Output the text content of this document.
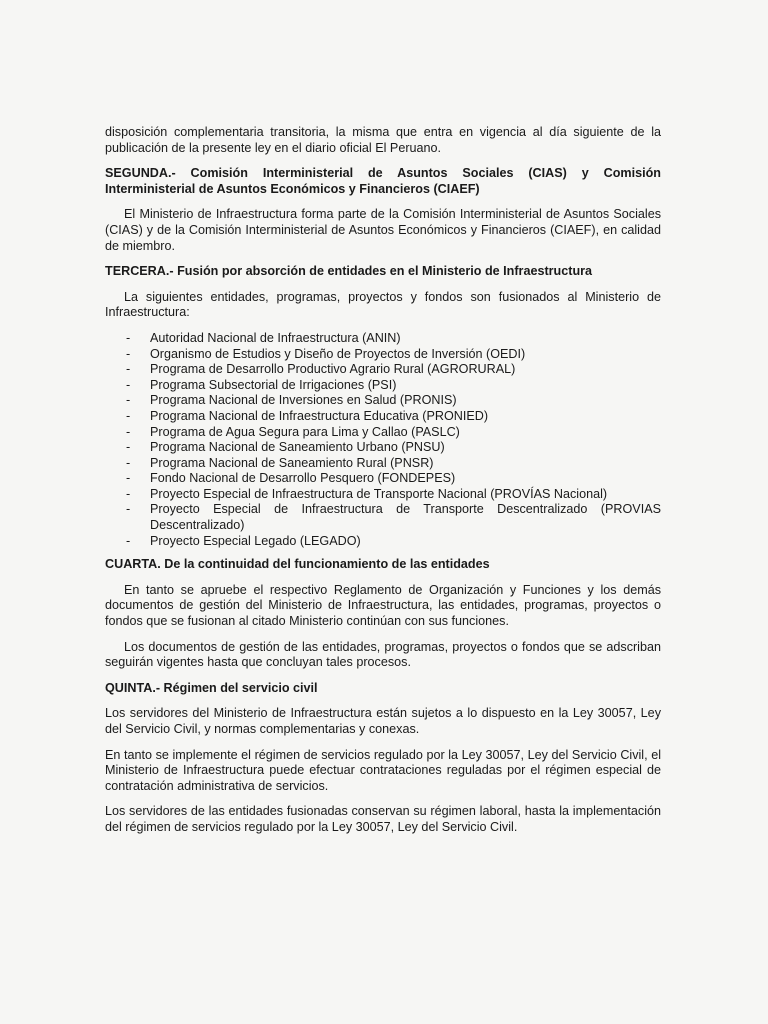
disposición complementaria transitoria, la misma que entra en vigencia al día siguiente de la publicación de la presente ley en el diario oficial El Peruano.

SEGUNDA.- Comisión Interministerial de Asuntos Sociales (CIAS) y Comisión Interministerial de Asuntos Económicos y Financieros (CIAEF)

El Ministerio de Infraestructura forma parte de la Comisión Interministerial de Asuntos Sociales (CIAS) y de la Comisión Interministerial de Asuntos Económicos y Financieros (CIAEF), en calidad de miembro.

TERCERA.- Fusión por absorción de entidades en el Ministerio de Infraestructura

La siguientes entidades, programas, proyectos y fondos son fusionados al Ministerio de Infraestructura:

- Autoridad Nacional de Infraestructura (ANIN)
- Organismo de Estudios y Diseño de Proyectos de Inversión (OEDI)
- Programa de Desarrollo Productivo Agrario Rural (AGRORURAL)
- Programa Subsectorial de Irrigaciones (PSI)
- Programa Nacional de Inversiones en Salud (PRONIS)
- Programa Nacional de Infraestructura Educativa (PRONIED)
- Programa de Agua Segura para Lima y Callao (PASLC)
- Programa Nacional de Saneamiento Urbano (PNSU)
- Programa Nacional de Saneamiento Rural (PNSR)
- Fondo Nacional de Desarrollo Pesquero (FONDEPES)
- Proyecto Especial de Infraestructura de Transporte Nacional (PROVÍAS Nacional)
- Proyecto Especial de Infraestructura de Transporte Descentralizado (PROVIAS Descentralizado)
- Proyecto Especial Legado (LEGADO)

CUARTA. De la continuidad del funcionamiento de las entidades

En tanto se apruebe el respectivo Reglamento de Organización y Funciones y los demás documentos de gestión del Ministerio de Infraestructura, las entidades, programas, proyectos o fondos que se fusionan al citado Ministerio continúan con sus funciones.

Los documentos de gestión de las entidades, programas, proyectos o fondos que se adscriban seguirán vigentes hasta que concluyan tales procesos.

QUINTA.- Régimen del servicio civil

Los servidores del Ministerio de Infraestructura están sujetos a lo dispuesto en la Ley 30057, Ley del Servicio Civil, y normas complementarias y conexas.

En tanto se implemente el régimen de servicios regulado por la Ley 30057, Ley del Servicio Civil, el Ministerio de Infraestructura puede efectuar contrataciones reguladas por el régimen especial de contratación administrativa de servicios.

Los servidores de las entidades fusionadas conservan su régimen laboral, hasta la implementación del régimen de servicios regulado por la Ley 30057, Ley del Servicio Civil.
